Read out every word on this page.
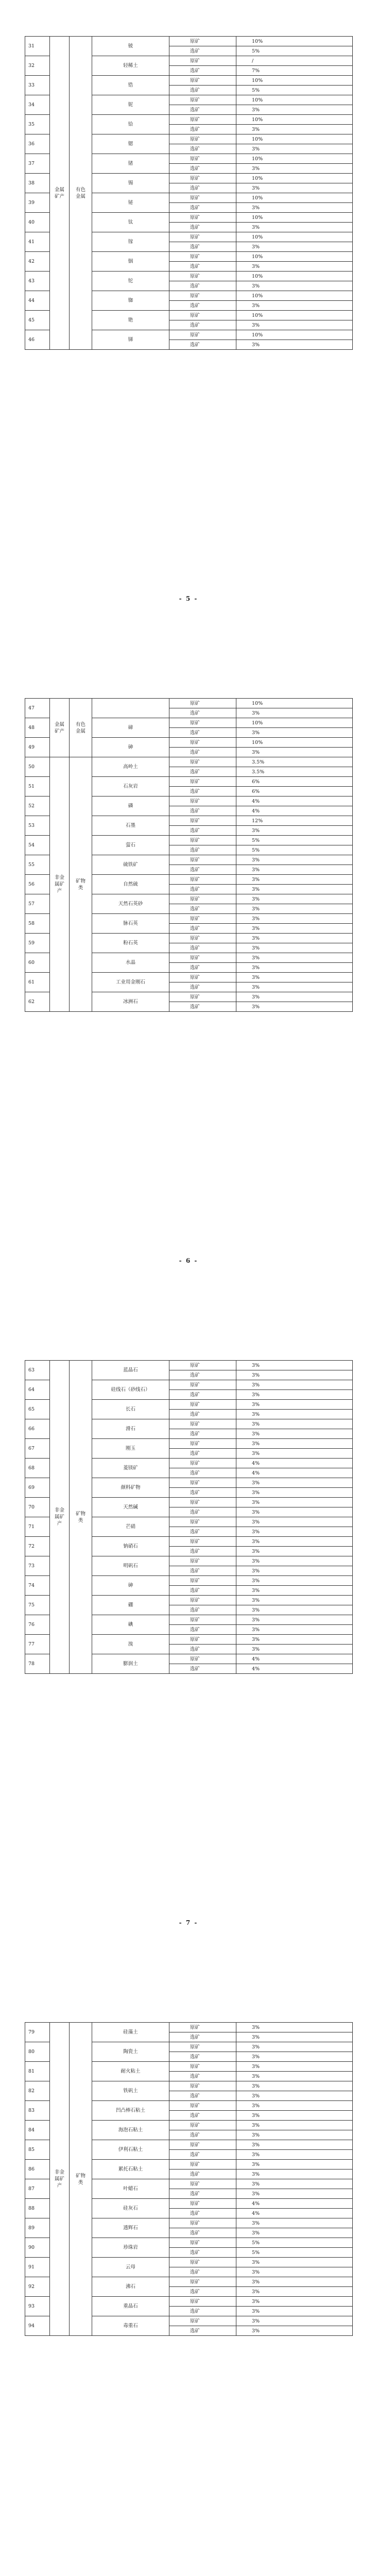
31	金属矿产	有色金属	铍	原矿	10%
				选矿	5%
32			轻稀土	原矿	/
				选矿	7%
33			锆	原矿	10%
				选矿	5%
34			铌	原矿	10%
				选矿	3%
35			铪	原矿	10%
				选矿	3%
36			锶	原矿	10%
				选矿	3%
37			锗	原矿	10%
				选矿	3%
38			锡	原矿	10%
				选矿	3%
39			铋	原矿	10%
				选矿	3%
40			钛	原矿	10%
				选矿	3%
41			镓	原矿	10%
				选矿	3%
42			铟	原矿	10%
				选矿	3%
43			铊	原矿	10%
				选矿	3%
44			铷	原矿	10%
				选矿	3%
45			铯	原矿	10%
				选矿	3%
46			锑	原矿	10%
				选矿	3%
- 5 -
47	金属矿产	有色金属		原矿	10%
				选矿	3%
48			碲	原矿	10%
				选矿	3%
49			砷	原矿	10%
				选矿	3%
50	非金属矿产	矿物类	高岭土	原矿	3.5%
				选矿	3.5%
51			石灰岩	原矿	6%
				选矿	6%
52			磷	原矿	4%
				选矿	4%
53			石墨	原矿	12%
				选矿	3%
54			萤石	原矿	5%
				选矿	5%
55			硫铁矿	原矿	3%
				选矿	3%
56			自然硫	原矿	3%
				选矿	3%
57			天然石英砂	原矿	3%
				选矿	3%
58			脉石英	原矿	3%
				选矿	3%
59			粉石英	原矿	3%
				选矿	3%
60			水晶	原矿	3%
				选矿	3%
61			工业用金刚石	原矿	3%
				选矿	3%
62			冰洲石	原矿	3%
				选矿	3%
- 6 -
63	非金属矿产	矿物类	蓝晶石	原矿	3%
				选矿	3%
64			硅线石（砂线石）	原矿	3%
				选矿	3%
65			长石	原矿	3%
				选矿	3%
66			滑石	原矿	3%
				选矿	3%
67			刚玉	原矿	3%
				选矿	3%
68			菱镁矿	原矿	4%
				选矿	4%
69			颜料矿物	原矿	3%
				选矿	3%
70			天然碱	原矿	3%
				选矿	3%
71			芒硝	原矿	3%
				选矿	3%
72			钠硝石	原矿	3%
				选矿	3%
73			明矾石	原矿	3%
				选矿	3%
74			砷	原矿	3%
				选矿	3%
75			硼	原矿	3%
				选矿	3%
76			碘	原矿	3%
				选矿	3%
77			溴	原矿	3%
				选矿	3%
78			膨润土	原矿	4%
				选矿	4%
- 7 -
79	非金属矿产	矿物类	硅藻土	原矿	3%
				选矿	3%
80			陶瓷土	原矿	3%
				选矿	3%
81			耐火粘土	原矿	3%
				选矿	3%
82			铁矾土	原矿	3%
				选矿	3%
83			凹凸棒石粘土	原矿	3%
				选矿	3%
84			海泡石粘土	原矿	3%
				选矿	3%
85			伊利石粘土	原矿	3%
				选矿	3%
86			累托石粘土	原矿	3%
				选矿	3%
87			叶蜡石	原矿	3%
				选矿	3%
88			硅灰石	原矿	4%
				选矿	4%
89			透辉石	原矿	3%
				选矿	3%
90			珍珠岩	原矿	5%
				选矿	5%
91			云母	原矿	3%
				选矿	3%
92			沸石	原矿	3%
				选矿	3%
93			重晶石	原矿	3%
				选矿	3%
94			毒重石	原矿	3%
				选矿	3%
